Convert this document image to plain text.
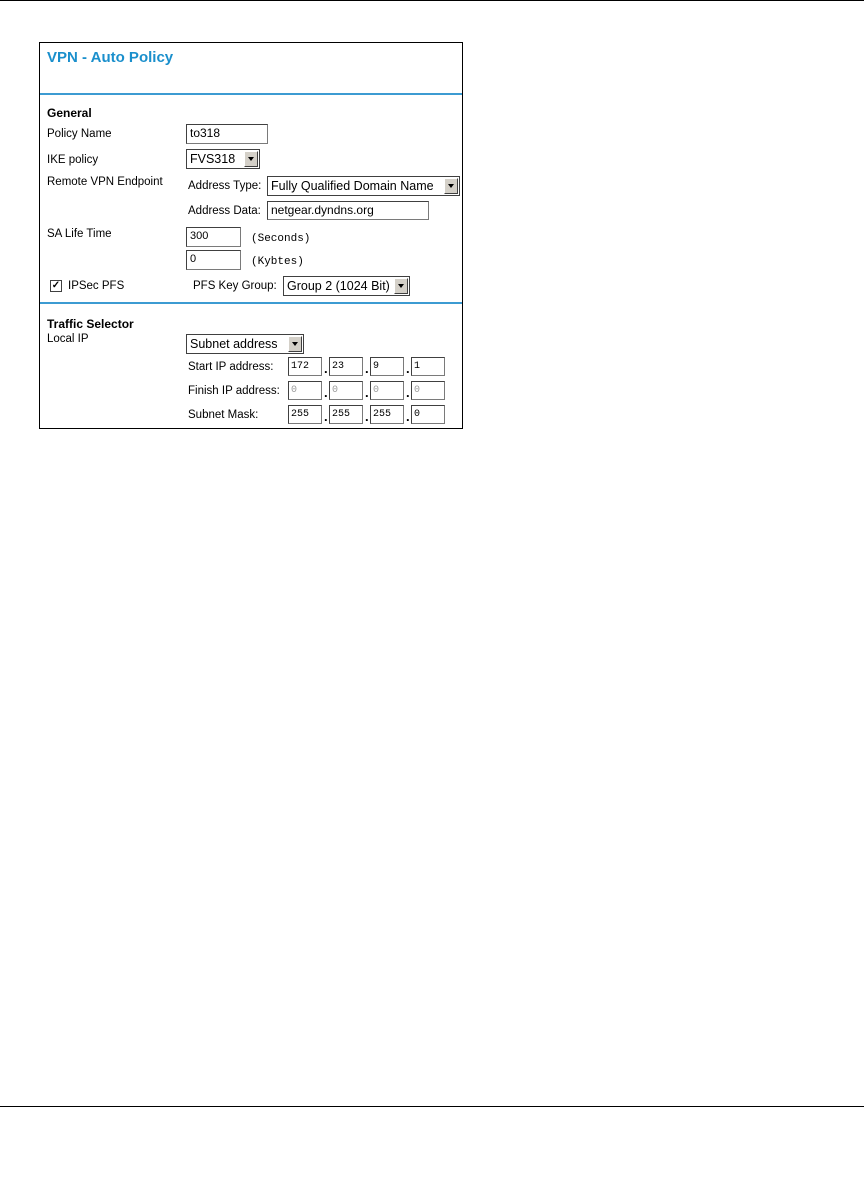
VPN - Auto Policy
General
Policy Name	to318
IKE policy	FVS318
Remote VPN Endpoint Address Type: Fully Qualified Domain Name
Address Data: netgear.dyndns.org
SA Life Time	300	(Seconds)
0	(Kybtes)
✓ IPSec PFS	PFS Key Group: Group 2 (1024 Bit)
Traffic Selector
Local IP	Subnet address
Start IP address:	172	. 23	. 9	. 1
Finish IP address:	0	. 0	. 0	. 0
Subnet Mask:	255	. 255	. 255	. 0
